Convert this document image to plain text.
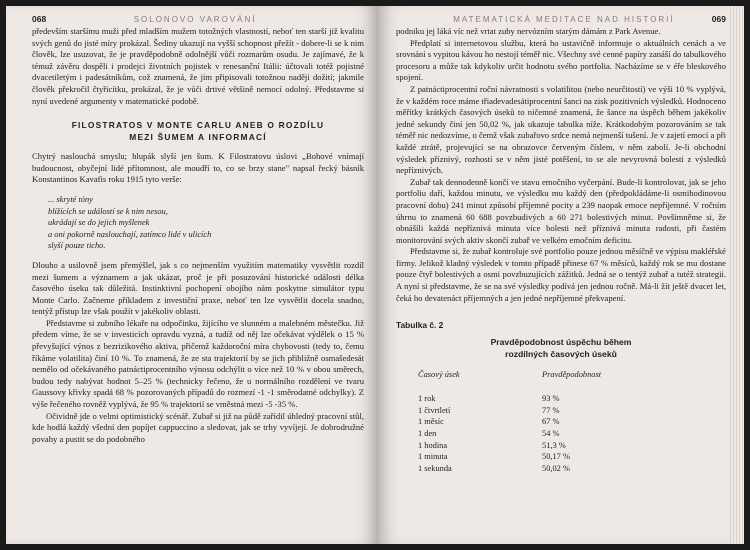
068	SOLONOVO VAROVÁNÍ

především staršímu muži před mladším mužem totožných vlastností, neboť ten starší již kvalitu svých genů do jisté míry prokázal. Šediny ukazují na vyšší schopnost přežít - dobere-li se k nim člověk, lze usuzovat, že je pravděpodobně odolnější vůči rozmarům osudu. Je zajímavé, že k témuž závěru dospěli i prodejci životních pojistek v renesanční Itálii: účtovali totéž pojistné dvacetiletým i padesátníkům, což znamená, že jim připisovali totožnou naději dožití; jakmile člověk překročil čtyřicítku, prokázal, že je vůči drtivé většině nemocí odolný. Představme si nyní uvedené argumenty v matematické podobě.

FILOSTRATOS V MONTE CARLU ANEB O ROZDÍLU
MEZI ŠUMEM A INFORMACÍ

Chytrý naslouchá smyslu; hlupák slyší jen šum. K Filostratovu úslovi „Bohové vnímají budoucnost, obyčejní lidé přítomnost, ale moudří to, co se brzy stane" napsal řecký básník Konstantinos Kavafis roku 1915 tyto verše:

... skryté tóny
blížících se událostí se k nim nesou,
ukrádají se do jejich myšlenek
a oni pokorně naslouchají, zatímco lidé v ulicích
slyší pouze ticho.

Dlouho a usilovně jsem přemýšlel, jak s co nejmenším využitím matematiky vysvětlit rozdíl mezi šumem a významem a jak ukázat, proč je při posuzování historické události délka časového úseku tak důležitá. Instinktivní pochopení obojího nám poskytne simulátor typu Monte Carlo. Začneme příkladem z investiční praxe, neboť ten lze vysvětlit docela snadno, tentýž přístup lze však použít v jakékoliv oblasti.

Představme si zubního lékaře na odpočinku, žijícího ve slunném a malebném městečku. Již předem víme, že se v investicích opravdu vyzná, a tudíž od něj lze očekávat výdělek o 15 % převyšující výnos z bezrizikového aktiva, přičemž každoroční míra chybovosti (tedy to, čemu říkáme volatilita) činí 10 %. To znamená, že ze sta trajektorií by se jich přibližně osmašedesát nemělo od očekávaného patnáctiprocentního výnosu odchýlit o více než 10 % v obou směrech, budou tedy nabývat hodnot 5–25 % (technicky řečeno, že u normálního rozdělení ve tvaru Gaussovy křivky spadá 68 % pozorovaných případů do rozmezí -1 -1 směrodatné odchylky). Z výše řečeného rovněž vyplývá, že 95 % trajektorií se vměstná mezi -5 -35 %.

Očividně jde o velmi optimistický scénář. Zubař si již na půdě zařídil úhledný pracovní stůl, kde hodlá každý všední den popíjet cappuccino a sledovat, jak se trhy vyvíjejí. Je dobrodružné povahy a pustit se do podobného

MATEMATICKÁ MEDITACE NAD HISTORIÍ	069

podniku jej láká víc než vrtat zuby nervózním starým dámám z Park Avenue.

Předplatí si internetovou službu, která ho ustavičně informuje o aktuálních cenách a ve srovnání s vypitou kávou ho nestojí téměř nic. Všechny své cenné papíry zanáší do tabulkového procesoru a může tak kdykoliv určit hodnotu svého portfolia. Nacházíme se v éře bleskového spojení.

Z patnáctiprocentní roční návratnosti s volatilitou (nebo neurčitostí) ve výši 10 % vyplývá, že v každém roce máme třiadevadesátiprocentní šanci na zisk pozitivních výsledků. Hodnoceno měřítky krátkých časových úseků to ničemné znamená, že šance na úspěch během jakékoliv jedné sekundy činí jen 50,02 %, jak ukazuje tabulka níže. Krátkodobým pozorováním se tak téměř nic nedozvíme, o čemž však zubařovo srdce nemá nejmenší tušení. Je v zajetí emocí a při každé ztrátě, projevující se na obrazovce červeným číslem, v něm zabolí. Je-li obchodní výsledek příznivý, rozhostí se v něm jisté potěšení, to se ale nevyrovná bolesti z výsledků nepříznivých.

Zubař tak dennodenně končí ve stavu emočního vyčerpání. Bude-li kontrolovat, jak se jeho portfoliu daří, každou minutu, ve výsledku mu každý den (předpokládáme-li osmihodinovou pracovní dobu) 241 minut způsobí příjemné pocity a 239 naopak emoce nepříjemné. V ročním úhrnu to znamená 60 688 povzbudivých a 60 271 bolestivých minut. Povšimněme si, že obnášíli každá nepříznivá minuta více bolesti než příznivá minuta radosti, při častém monitorování svých aktiv skončí zubař ve velkém emočním deficitu.

Představme si, že zubař kontroluje své portfolio pouze jednou měsíčně ve výpisu makléřské firmy. Jelikož kladný výsledek v tomto případě přinese 67 % měsíců, každý rok se mu dostane pouze čtyř bolestivých a osmi povzbuzujících zážitků. Jedná se o tentýž zubař a tutéž strategii. A nyní si představme, že se na své výsledky podívá jen jednou ročně. Má-li žít ještě dvacet let, čeká ho devatenáct příjemných a jen jedné nepříjemné překvapení.

Tabulka č. 2
Pravděpodobnost úspěchu během
rozdílných časových úseků
Časový úsek	Pravděpodobnost
1 rok	93 %
1 čtvrtletí	77 %
1 měsíc	67 %
1 den	54 %
1 hodina	51,3 %
1 minuta	50,17 %
1 sekunda	50,02 %
